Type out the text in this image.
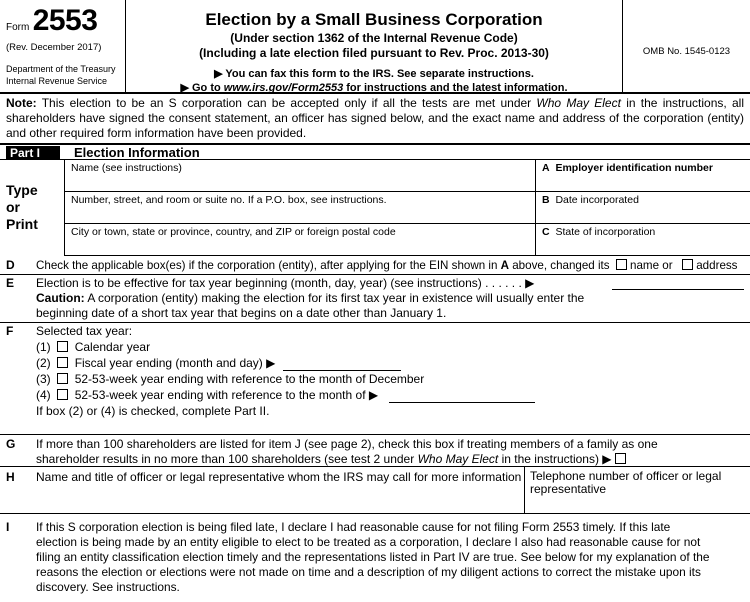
Form 2553
(Rev. December 2017)
Department of the Treasury
Internal Revenue Service
Election by a Small Business Corporation
(Under section 1362 of the Internal Revenue Code)
(Including a late election filed pursuant to Rev. Proc. 2013-30)
▶ You can fax this form to the IRS. See separate instructions.
▶ Go to www.irs.gov/Form2553 for instructions and the latest information.
OMB No. 1545-0123
Note: This election to be an S corporation can be accepted only if all the tests are met under Who May Elect in the instructions, all shareholders have signed the consent statement, an officer has signed below, and the exact name and address of the corporation (entity) and other required form information have been provided.
Part I	Election Information
Type
or
Print
Name (see instructions)
Number, street, and room or suite no. If a P.O. box, see instructions.
City or town, state or province, country, and ZIP or foreign postal code
A Employer identification number
B Date incorporated
C State of incorporation
D Check the applicable box(es) if the corporation (entity), after applying for the EIN shown in A above, changed its name or address
E Election is to be effective for tax year beginning (month, day, year) (see instructions) . . . . . . ▶
Caution: A corporation (entity) making the election for its first tax year in existence will usually enter the
beginning date of a short tax year that begins on a date other than January 1.
F Selected tax year:
(1) Calendar year
(2) Fiscal year ending (month and day) ▶
(3) 52-53-week year ending with reference to the month of December
(4) 52-53-week year ending with reference to the month of ▶
If box (2) or (4) is checked, complete Part II.
G If more than 100 shareholders are listed for item J (see page 2), check this box if treating members of a family as one
shareholder results in no more than 100 shareholders (see test 2 under Who May Elect in the instructions) ▶
H Name and title of officer or legal representative whom the IRS may call for more information Telephone number of officer or legal representative
I If this S corporation election is being filed late, I declare I had reasonable cause for not filing Form 2553 timely. If this late
election is being made by an entity eligible to elect to be treated as a corporation, I declare I also had reasonable cause for not
filing an entity classification election timely and the representations listed in Part IV are true. See below for my explanation of the
reasons the election or elections were not made on time and a description of my diligent actions to correct the mistake upon its
discovery. See instructions.
